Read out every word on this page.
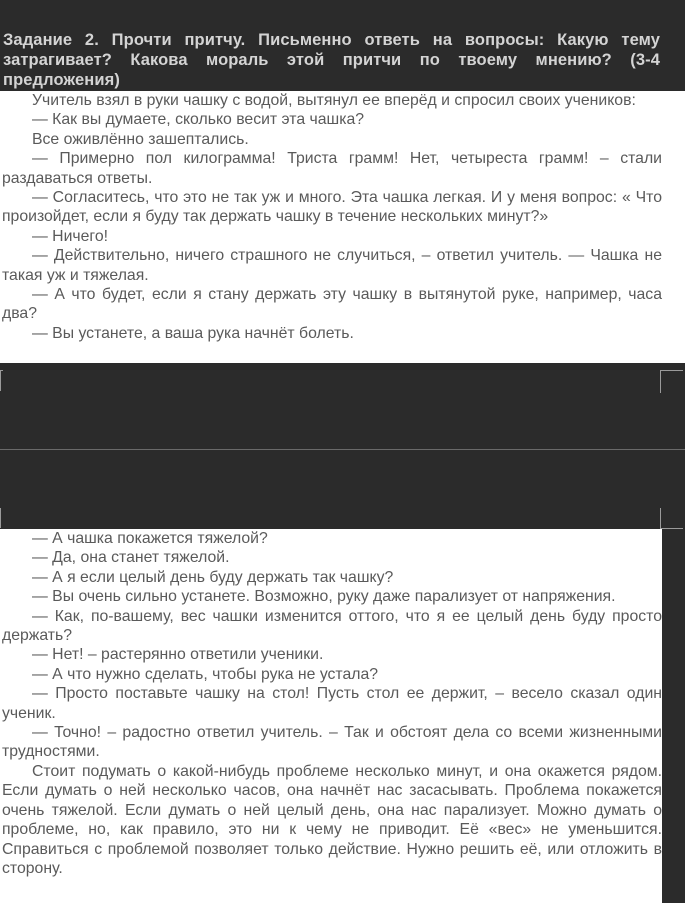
Задание 2. Прочти притчу. Письменно ответь на вопросы: Какую тему затрагивает? Какова мораль этой притчи по твоему мнению? (3-4 предложения)

Учитель взял в руки чашку с водой, вытянул ее вперёд и спросил своих учеников:

— Как вы думаете, сколько весит эта чашка?

Все оживлённо зашептались.

— Примерно пол килограмма! Триста грамм! Нет, четыреста грамм! – стали раздаваться ответы.

— Согласитесь, что это не так уж и много. Эта чашка легкая. И у меня вопрос: « Что произойдет, если я буду так держать чашку в течение нескольких минут?»

— Ничего!

— Действительно, ничего страшного не случиться, – ответил учитель. — Чашка не такая уж и тяжелая.

— А что будет, если я стану держать эту чашку в вытянутой руке, например, часа два?

— Вы устанете, а ваша рука начнёт болеть.

— А чашка покажется тяжелой?

— Да, она станет тяжелой.

— А я если целый день буду держать так чашку?

— Вы очень сильно устанете. Возможно, руку даже парализует от напряжения.

— Как, по-вашему, вес чашки изменится оттого, что я ее целый день буду просто держать?

— Нет! – растерянно ответили ученики.

— А что нужно сделать, чтобы рука не устала?

— Просто поставьте чашку на стол! Пусть стол ее держит, – весело сказал один ученик.

— Точно! – радостно ответил учитель. – Так и обстоят дела со всеми жизненными трудностями.

Стоит подумать о какой-нибудь проблеме несколько минут, и она окажется рядом. Если думать о ней несколько часов, она начнёт нас засасывать. Проблема покажется очень тяжелой. Если думать о ней целый день, она нас парализует. Можно думать о проблеме, но, как правило, это ни к чему не приводит. Её «вес» не уменьшится. Справиться с проблемой позволяет только действие. Нужно решить её, или отложить в сторону.
